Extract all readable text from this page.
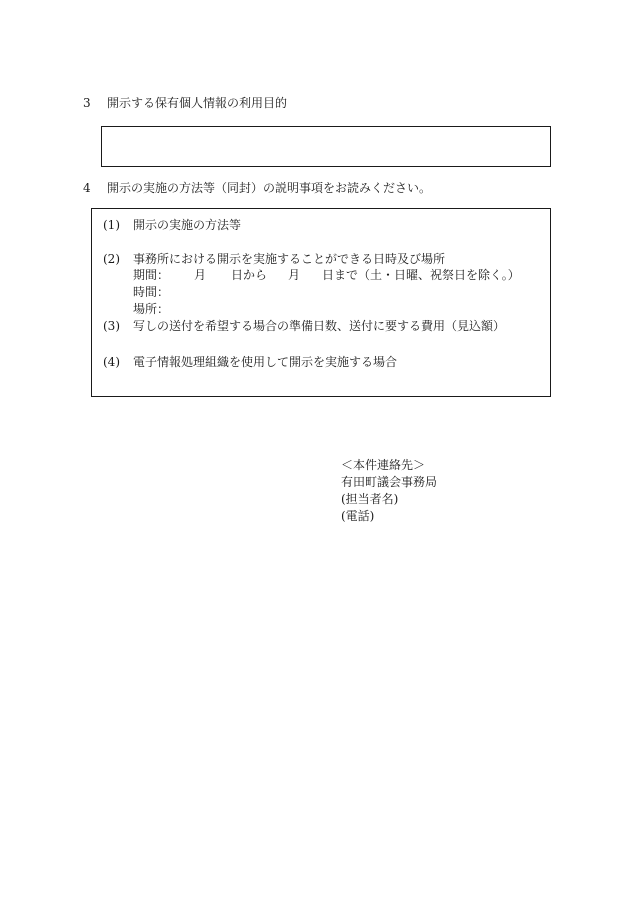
3 開示する保有個人情報の利用目的
4 開示の実施の方法等（同封）の説明事項をお読みください。
(1) 開示の実施の方法等
(2) 事務所における開示を実施することができる日時及び場所
期間： 月 日から 月 日まで（土・日曜、祝祭日を除く。）
時間：
場所：
(3) 写しの送付を希望する場合の準備日数、送付に要する費用（見込額）
(4) 電子情報処理組織を使用して開示を実施する場合
＜本件連絡先＞
有田町議会事務局
(担当者名)
(電話)
